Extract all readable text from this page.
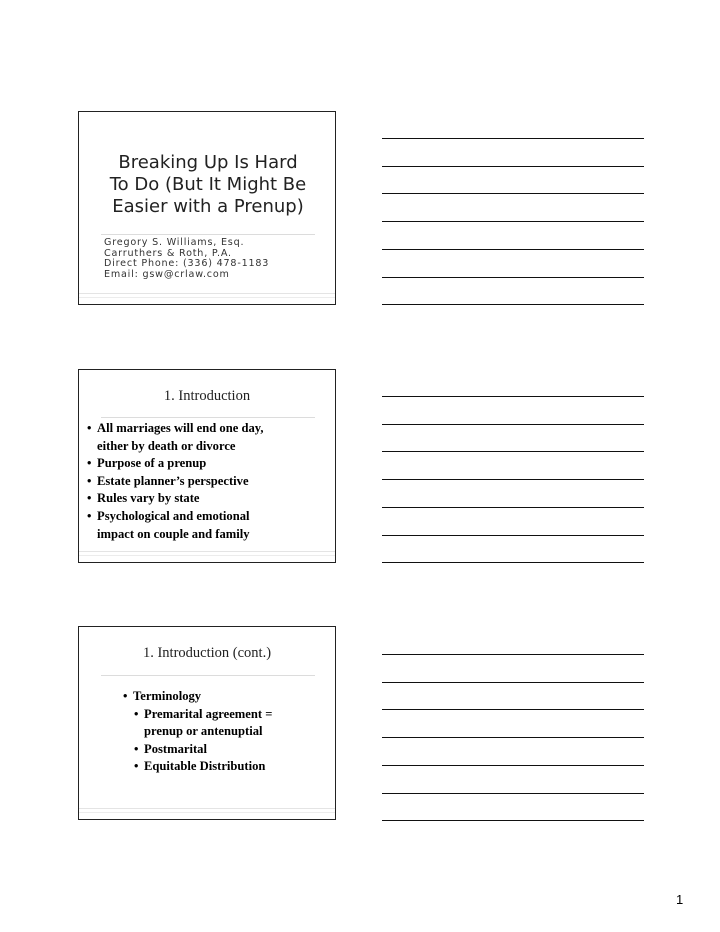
Breaking Up Is Hard
To Do (But It Might Be
Easier with a Prenup)
Gregory S. Williams, Esq.
Carruthers & Roth, P.A.
Direct Phone: (336) 478-1183
Email: gsw@crlaw.com
1. Introduction
• All marriages will end one day,
either by death or divorce
• Purpose of a prenup
• Estate planner’s perspective
• Rules vary by state
• Psychological and emotional
impact on couple and family
1. Introduction (cont.)
• Terminology
• Premarital agreement =
prenup or antenuptial
• Postmarital
• Equitable Distribution
1
